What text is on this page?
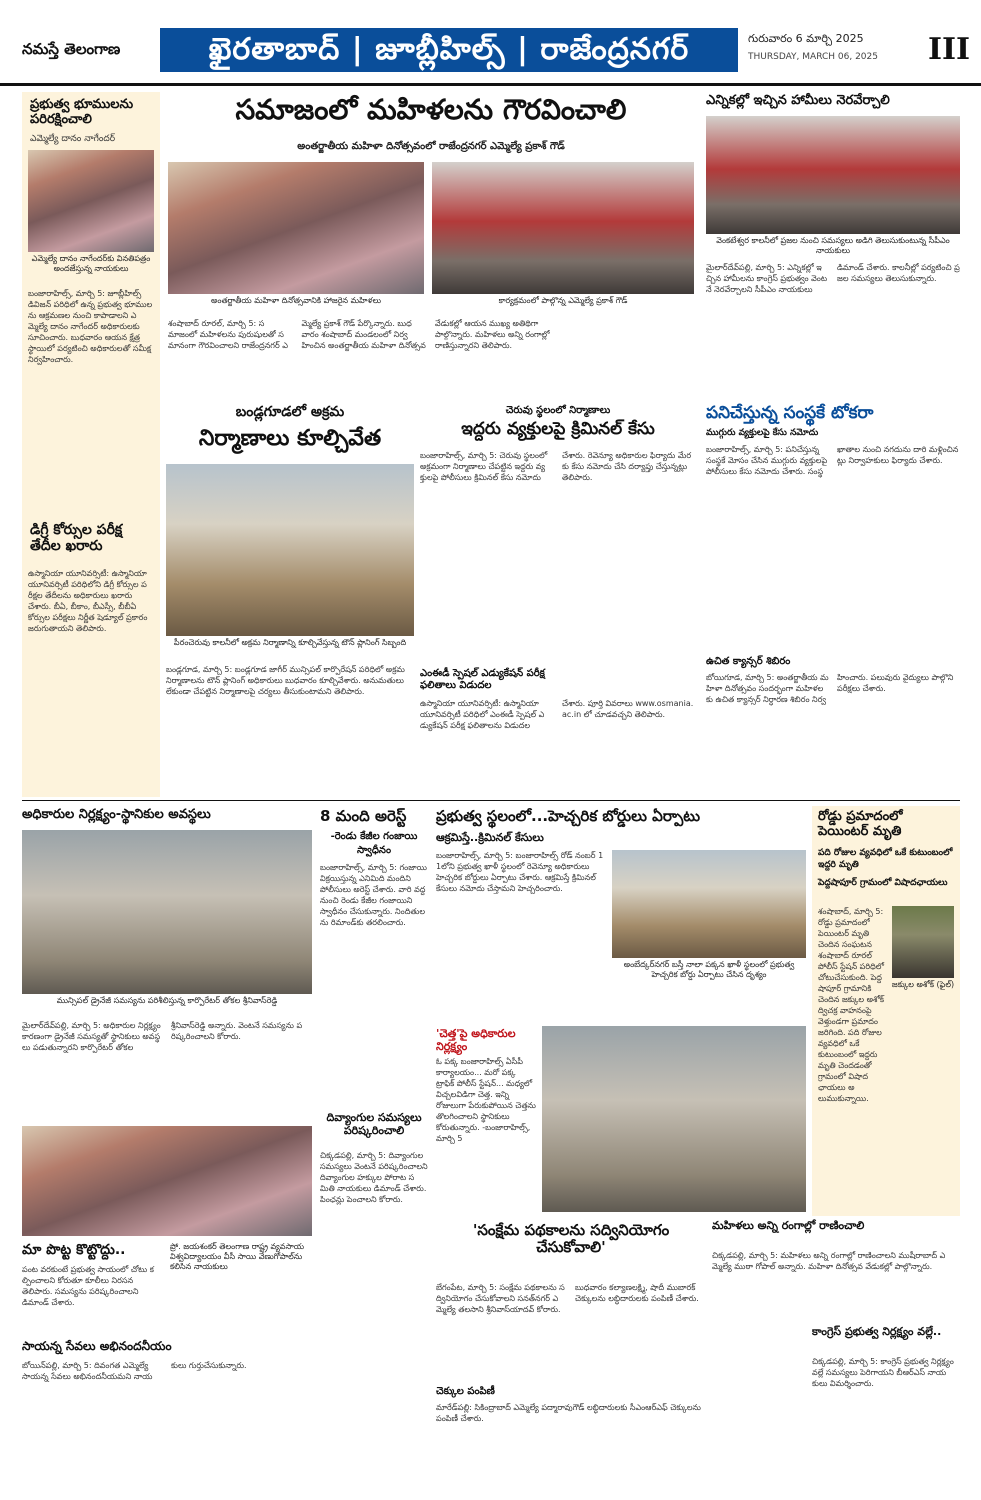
నమస్తే తెలంగాణ	ఖైరతాబాద్ | జూబ్లీహిల్స్ | రాజేంద్రనగర్	గురువారం 6 మార్చి 2025
THURSDAY, MARCH 06, 2025	III
ప్రభుత్వ భూములను పరిరక్షించాలి
ఎమ్మెల్యే దానం నాగేందర్
ఎమ్మెల్యే దానం నాగేందర్‌కు వినతిపత్రం అందజేస్తున్న నాయకులు
బంజారాహిల్స్, మార్చి 5: జూబ్లీహిల్స్ డివిజన్ పరిధిలో ఉన్న ప్రభుత్వ భూములను ఆక్రమణల నుంచి కాపాడాలని ఎమ్మెల్యే దానం నాగేందర్ అధికారులకు సూచించారు. బుధవారం ఆయన క్షేత్ర స్థాయిలో పర్యటించి అధికారులతో సమీక్ష నిర్వహించారు.
డిగ్రీ కోర్సుల పరీక్ష తేదీల ఖరారు
ఉస్మానియా యూనివర్సిటీ: ఉస్మానియా యూనివర్సిటీ పరిధిలోని డిగ్రీ కోర్సుల పరీక్షల తేదీలను అధికారులు ఖరారు చేశారు. బీఏ, బీకాం, బీఎస్సీ, బీబీఏ కోర్సుల పరీక్షలు నిర్ణీత షెడ్యూల్ ప్రకారం జరుగుతాయని తెలిపారు.
సమాజంలో మహిళలను గౌరవించాలి
అంతర్జాతీయ మహిళా దినోత్సవంలో రాజేంద్రనగర్ ఎమ్మెల్యే ప్రకాశ్ గౌడ్
అంతర్జాతీయ మహిళా దినోత్సవానికి హాజరైన మహిళలు	కార్యక్రమంలో పాల్గొన్న ఎమ్మెల్యే ప్రకాశ్ గౌడ్
శంషాబాద్ రూరల్, మార్చి 5: సమాజంలో మహిళలను పురుషులతో సమానంగా గౌరవించాలని రాజేంద్రనగర్ ఎమ్మెల్యే ప్రకాశ్ గౌడ్ పేర్కొన్నారు. బుధవారం శంషాబాద్ మండలంలో నిర్వహించిన అంతర్జాతీయ మహిళా దినోత్సవ వేడుకల్లో ఆయన ముఖ్య అతిథిగా పాల్గొన్నారు. మహిళలు అన్ని రంగాల్లో రాణిస్తున్నారని తెలిపారు.
ఎన్నికల్లో ఇచ్చిన హామీలు నెరవేర్చాలి
వెంకటేశ్వర కాలనీలో ప్రజల నుంచి సమస్యలు అడిగి తెలుసుకుంటున్న సీపీఎం నాయకులు
మైలార్‌దేవ్‌పల్లి, మార్చి 5: ఎన్నికల్లో ఇచ్చిన హామీలను కాంగ్రెస్ ప్రభుత్వం వెంటనే నెరవేర్చాలని సీపీఎం నాయకులు డిమాండ్ చేశారు. కాలనీల్లో పర్యటించి ప్రజల సమస్యలు తెలుసుకున్నారు.
బండ్లగూడలో అక్రమ
నిర్మాణాలు కూల్చివేత
పీరంచెరువు కాలనీలో అక్రమ నిర్మాణాన్ని కూల్చివేస్తున్న టౌన్ ప్లానింగ్ సిబ్బంది
బండ్లగూడ, మార్చి 5: బండ్లగూడ జాగీర్ మున్సిపల్ కార్పొరేషన్ పరిధిలో అక్రమ నిర్మాణాలను టౌన్ ప్లానింగ్ అధికారులు బుధవారం కూల్చివేశారు. అనుమతులు లేకుండా చేపట్టిన నిర్మాణాలపై చర్యలు తీసుకుంటామని తెలిపారు.
చెరువు స్థలంలో నిర్మాణాలు
ఇద్దరు వ్యక్తులపై క్రిమినల్ కేసు
బంజారాహిల్స్, మార్చి 5: చెరువు స్థలంలో అక్రమంగా నిర్మాణాలు చేపట్టిన ఇద్దరు వ్యక్తులపై పోలీసులు క్రిమినల్ కేసు నమోదు చేశారు. రెవెన్యూ అధికారుల ఫిర్యాదు మేరకు కేసు నమోదు చేసి దర్యాప్తు చేస్తున్నట్లు తెలిపారు.
ఎంఈడీ స్పెషల్ ఎడ్యుకేషన్ పరీక్ష ఫలితాలు విడుదల
ఉస్మానియా యూనివర్సిటీ: ఉస్మానియా యూనివర్సిటీ పరిధిలో ఎంఈడీ స్పెషల్ ఎడ్యుకేషన్ పరీక్ష ఫలితాలను విడుదల చేశారు. పూర్తి వివరాలు www.osmania.ac.in లో చూడవచ్చని తెలిపారు.
పనిచేస్తున్న సంస్థకే టోకరా
ముగ్గురు వ్యక్తులపై కేసు నమోదు
బంజారాహిల్స్, మార్చి 5: పనిచేస్తున్న సంస్థకే మోసం చేసిన ముగ్గురు వ్యక్తులపై పోలీసులు కేసు నమోదు చేశారు. సంస్థ ఖాతాల నుంచి నగదును దారి మళ్లించినట్లు నిర్వాహకులు ఫిర్యాదు చేశారు.
ఉచిత క్యాన్సర్ శిబిరం
బోయిగూడ, మార్చి 5: అంతర్జాతీయ మహిళా దినోత్సవం సందర్భంగా మహిళలకు ఉచిత క్యాన్సర్ నిర్ధారణ శిబిరం నిర్వహించారు. పలువురు వైద్యులు పాల్గొని పరీక్షలు చేశారు.
అధికారుల నిర్లక్ష్యం-స్థానికుల అవస్థలు
మున్సిపల్ డ్రైనేజీ సమస్యను పరిశీలిస్తున్న కార్పొరేటర్ తోకల శ్రీనివాస్‌రెడ్డి
మైలార్‌దేవ్‌పల్లి, మార్చి 5: అధికారుల నిర్లక్ష్యం కారణంగా డ్రైనేజీ సమస్యతో స్థానికులు అవస్థలు పడుతున్నారని కార్పొరేటర్ తోకల శ్రీనివాస్‌రెడ్డి అన్నారు. వెంటనే సమస్యను పరిష్కరించాలని కోరారు.
8 మంది అరెస్ట్
-రెండు కేజీల గంజాయి స్వాధీనం
బంజారాహిల్స్, మార్చి 5: గంజాయి విక్రయిస్తున్న ఎనిమిది మందిని పోలీసులు అరెస్ట్ చేశారు. వారి వద్ద నుంచి రెండు కేజీల గంజాయిని స్వాధీనం చేసుకున్నారు. నిందితులను రిమాండ్‌కు తరలించారు.
ప్రభుత్వ స్థలంలో...హెచ్చరిక బోర్డులు ఏర్పాటు
ఆక్రమిస్తే..క్రిమినల్ కేసులు
బంజారాహిల్స్, మార్చి 5: బంజారాహిల్స్ రోడ్ నంబర్ 11లోని ప్రభుత్వ ఖాళీ స్థలంలో రెవెన్యూ అధికారులు హెచ్చరిక బోర్డులు ఏర్పాటు చేశారు. ఆక్రమిస్తే క్రిమినల్ కేసులు నమోదు చేస్తామని హెచ్చరించారు.
అంబేద్కర్‌నగర్ బస్తీ నాలా పక్కన ఖాళీ స్థలంలో ప్రభుత్వ హెచ్చరిక బోర్డు ఏర్పాటు చేసిన దృశ్యం
'చెత్త'పై అధికారుల నిర్లక్ష్యం
ఓ పక్క బంజారాహిల్స్ ఏసీపీ కార్యాలయం... మరో పక్క ట్రాఫిక్ పోలీస్ స్టేషన్... మధ్యలో విచ్చలవిడిగా చెత్త. ఇన్ని రోజులుగా పేరుకుపోయిన చెత్తను తొలగించాలని స్థానికులు కోరుతున్నారు. -బంజారాహిల్స్, మార్చి 5
రోడ్డు ప్రమాదంలో పెయింటర్ మృతి
పది రోజుల వ్యవధిలో ఒకే కుటుంబంలో ఇద్దరి మృతి
పెద్దషాపూర్ గ్రామంలో విషాదఛాయలు
శంషాబాద్, మార్చి 5: రోడ్డు ప్రమాదంలో పెయింటర్ మృతి చెందిన సంఘటన శంషాబాద్ రూరల్ పోలీస్ స్టేషన్ పరిధిలో చోటుచేసుకుంది. పెద్దషాపూర్ గ్రామానికి చెందిన జక్కుల అశోక్ ద్విచక్ర వాహనంపై వెళ్తుండగా ప్రమాదం జరిగింది. పది రోజుల వ్యవధిలో ఒకే కుటుంబంలో ఇద్దరు మృతి చెందడంతో గ్రామంలో విషాదఛాయలు అలుముకున్నాయి.
జక్కుల అశోక్ (ఫైల్)
మా పొట్ట కొట్టొద్దు..
పంట వరకుంటే ప్రభుత్వ సాయంలో చోటు కల్పించాలని కోరుతూ కూలీలు నిరసన తెలిపారు. సమస్యను పరిష్కరించాలని డిమాండ్ చేశారు.
ప్రో. జయశంకర్ తెలంగాణ రాష్ట్ర వ్యవసాయ విశ్వవిద్యాలయం వీసీ సాయి వేణుగోపాల్‌ను కలిసిన నాయకులు
దివ్యాంగుల సమస్యలు పరిష్కరించాలి
చిక్కడపల్లి, మార్చి 5: దివ్యాంగుల సమస్యలు వెంటనే పరిష్కరించాలని దివ్యాంగుల హక్కుల పోరాట సమితి నాయకులు డిమాండ్ చేశారు. పింఛన్లు పెంచాలని కోరారు.
'సంక్షేమ పథకాలను సద్వినియోగం చేసుకోవాలి'
బేగంపేట, మార్చి 5: సంక్షేమ పథకాలను సద్వినియోగం చేసుకోవాలని సనత్‌నగర్ ఎమ్మెల్యే తలసాని శ్రీనివాస్‌యాదవ్ కోరారు. బుధవారం కల్యాణలక్ష్మి, షాదీ ముబారక్ చెక్కులను లబ్ధిదారులకు పంపిణీ చేశారు.
చెక్కుల పంపిణీ
మారేడ్‌పల్లి: సికింద్రాబాద్ ఎమ్మెల్యే పద్మారావుగౌడ్ లబ్ధిదారులకు సీఎంఆర్‌ఎఫ్ చెక్కులను పంపిణీ చేశారు.
మహిళలు అన్ని రంగాల్లో రాణించాలి
చిక్కడపల్లి, మార్చి 5: మహిళలు అన్ని రంగాల్లో రాణించాలని ముషీరాబాద్ ఎమ్మెల్యే ముఠా గోపాల్ అన్నారు. మహిళా దినోత్సవ వేడుకల్లో పాల్గొన్నారు.
కాంగ్రెస్ ప్రభుత్వ నిర్లక్ష్యం వల్లే..
చిక్కడపల్లి, మార్చి 5: కాంగ్రెస్ ప్రభుత్వ నిర్లక్ష్యం వల్లే సమస్యలు పెరిగాయని బీఆర్‌ఎస్ నాయకులు విమర్శించారు.
సాయన్న సేవలు అభినందనీయం
బోయిన్‌పల్లి, మార్చి 5: దివంగత ఎమ్మెల్యే సాయన్న సేవలు అభినందనీయమని నాయకులు గుర్తుచేసుకున్నారు.
